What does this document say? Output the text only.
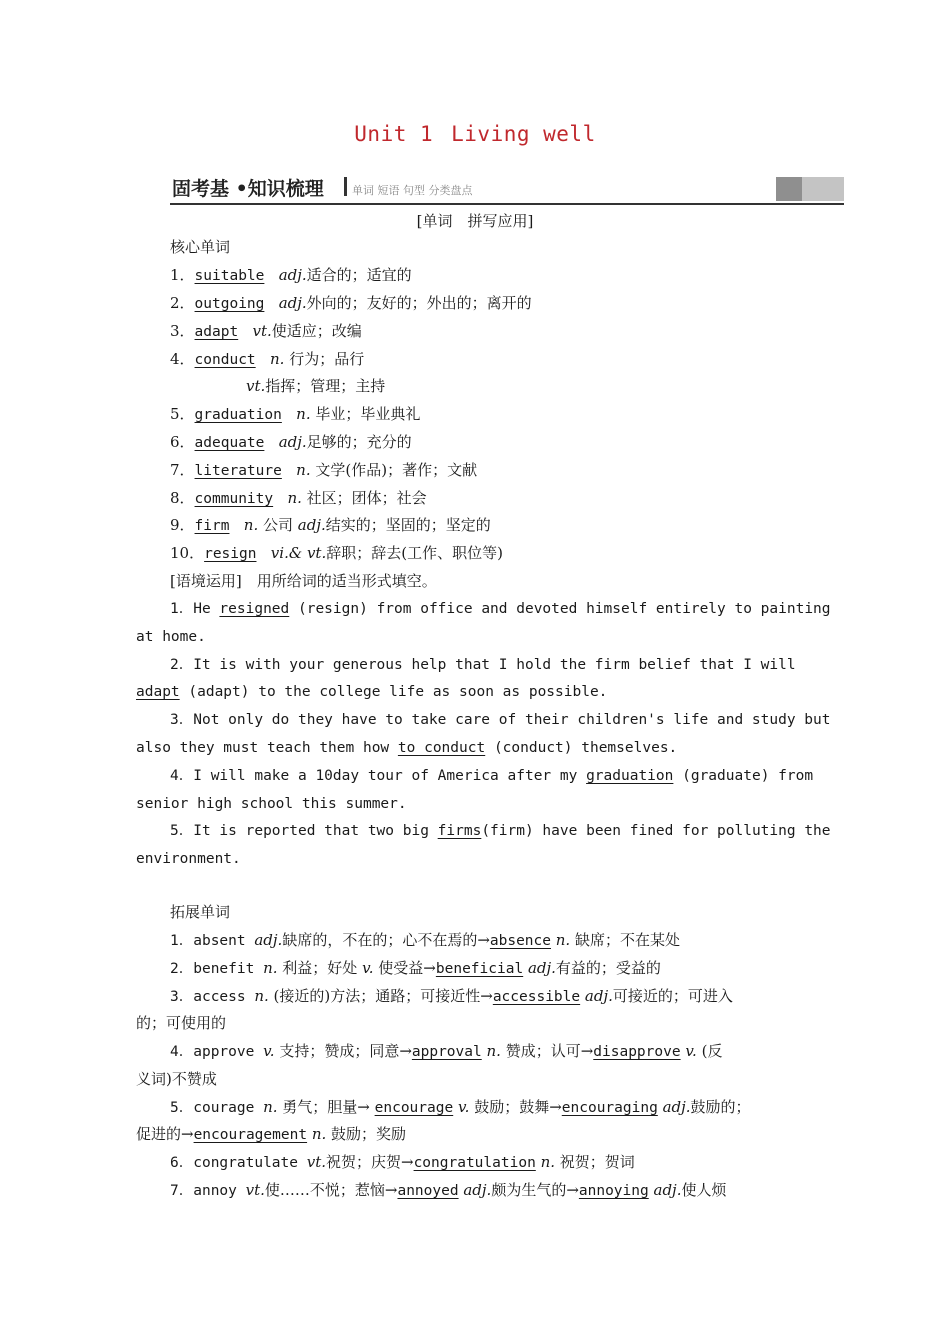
Unit 1 Living well
固考基 •知识梳理	单词 短语 句型 分类盘点
[单词　拼写应用]
核心单词
1．suitable adj.适合的；适宜的
2．outgoing adj.外向的；友好的；外出的；离开的
3．adapt vt.使适应；改编
4．conduct n. 行为；品行
vt.指挥；管理；主持
5．graduation n. 毕业；毕业典礼
6．adequate adj.足够的；充分的
7．literature n. 文学(作品)；著作；文献
8．community n. 社区；团体；社会
9．firm n. 公司 adj.结实的；坚固的；坚定的
10．resign vi.& vt.辞职；辞去(工作、职位等)
[语境运用]　用所给词的适当形式填空。
1．He resigned (resign) from office and devoted himself entirely to painting
at home.
2．It is with your generous help that I hold the firm belief that I will
adapt (adapt) to the college life as soon as possible.
3．Not only do they have to take care of their children's life and study but
also they must teach them how to conduct (conduct) themselves.
4．I will make a 10day tour of America after my graduation (graduate) from
senior high school this summer.
5．It is reported that two big firms(firm) have been fined for polluting the
environment.
拓展单词
1．absent adj.缺席的，不在的；心不在焉的→absence n. 缺席；不在某处
2．benefit n. 利益；好处 v. 使受益→beneficial adj.有益的；受益的
3．access n. (接近的)方法；通路；可接近性→accessible adj.可接近的；可进入
的；可使用的
4．approve v. 支持；赞成；同意→approval n. 赞成；认可→disapprove v. (反
义词)不赞成
5．courage n. 勇气；胆量→ encourage v. 鼓励；鼓舞→encouraging adj.鼓励的；
促进的→encouragement n. 鼓励；奖励
6．congratulate vt.祝贺；庆贺→congratulation n. 祝贺；贺词
7．annoy vt.使……不悦；惹恼→annoyed adj.颇为生气的→annoying adj.使人烦
